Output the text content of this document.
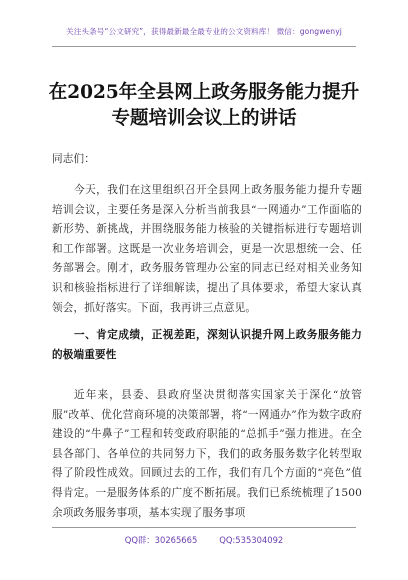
关注头条号“公文研究”，获得最新最全最专业的公文资料库！ 微信：gongwenyj
在2025年全县网上政务服务能力提升
专题培训会议上的讲话
同志们：
今天，我们在这里组织召开全县网上政务服务能力提升专题培训会议，主要任务是深入分析当前我县“一网通办”工作面临的新形势、新挑战，并围绕服务能力核验的关键指标进行专题培训和工作部署。这既是一次业务培训会，更是一次思想统一会、任务部署会。刚才，政务服务管理办公室的同志已经对相关业务知识和核验指标进行了详细解读，提出了具体要求，希望大家认真领会，抓好落实。下面，我再讲三点意见。
一、肯定成绩，正视差距，深刻认识提升网上政务服务能力的极端重要性
近年来，县委、县政府坚决贯彻落实国家关于深化“放管服”改革、优化营商环境的决策部署，将“一网通办”作为数字政府建设的“牛鼻子”工程和转变政府职能的“总抓手”强力推进。在全县各部门、各单位的共同努力下，我们的政务服务数字化转型取得了阶段性成效。回顾过去的工作，我们有几个方面的“亮色”值得肯定。一是服务体系的广度不断拓展。我们已系统梳理了1500余项政务服务事项，基本实现了服务事项
QQ群：30265665	QQ:535304092
